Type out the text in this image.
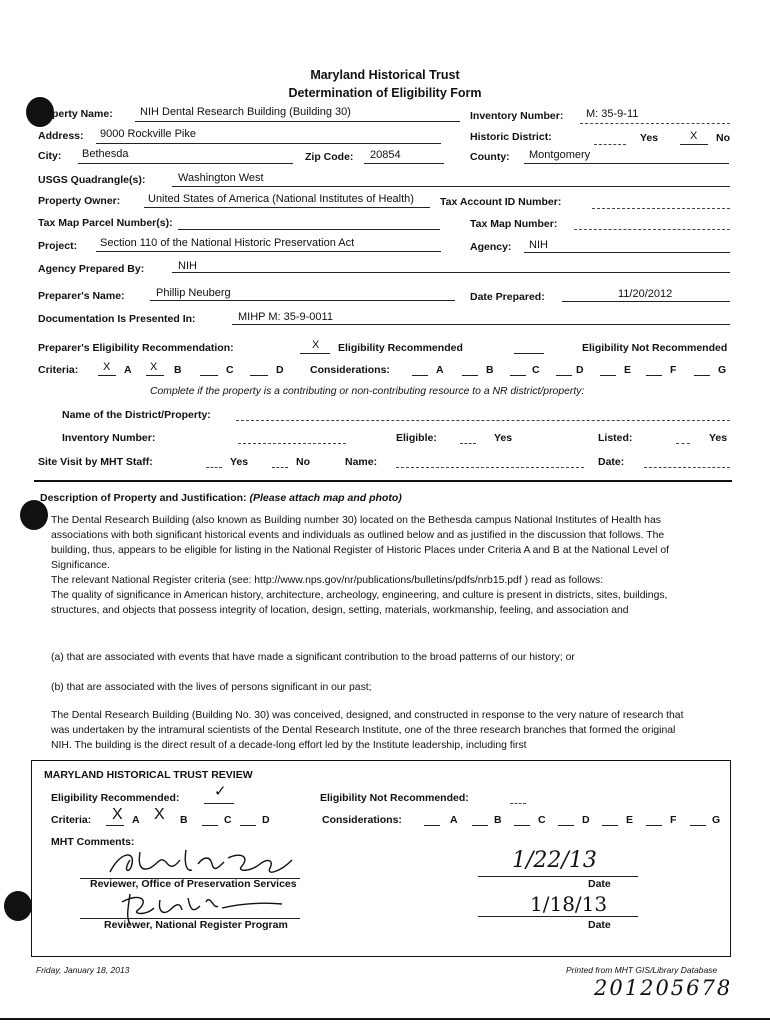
Maryland Historical Trust
Determination of Eligibility Form
perty Name: NIH Dental Research Building (Building 30)	Inventory Number: M: 35-9-11
Address: 9000 Rockville Pike	Historic District:	Yes	X No
City: Bethesda	Zip Code: 20854	County: Montgomery
USGS Quadrangle(s):	Washington West
Property Owner:	United States of America (National Institutes of Health) Tax Account ID Number:
Tax Map Parcel Number(s):	Tax Map Number:
Project: Section 110 of the National Historic Preservation Act	Agency: NIH
Agency Prepared By:	NIH
Preparer's Name:	Phillip Neuberg	Date Prepared:	11/20/2012
Documentation Is Presented In:	MIHP M: 35-9-0011
Preparer's Eligibility Recommendation:	X Eligibility Recommended	Eligibility Not Recommended
Criteria: X A X B	C	D	Considerations:	A	B	C	D	E	F	G
Complete if the property is a contributing or non-contributing resource to a NR district/property:
Name of the District/Property:
Inventory Number:	Eligible:	Yes	Listed:	Yes
Site Visit by MHT Staff:	Yes	No	Name:	Date:
Description of Property and Justification: (Please attach map and photo)
The Dental Research Building (also known as Building number 30) located on the Bethesda campus National Institutes of Health has associations with both significant historical events and individuals as outlined below and as justified in the discussion that follows. The building, thus, appears to be eligible for listing in the National Register of Historic Places under Criteria A and B at the National Level of Significance.
The relevant National Register criteria (see: http://www.nps.gov/nr/publications/bulletins/pdfs/nrb15.pdf ) read as follows:
The quality of significance in American history, architecture, archeology, engineering, and culture is present in districts, sites, buildings, structures, and objects that possess integrity of location, design, setting, materials, workmanship, feeling, and association and
(a) that are associated with events that have made a significant contribution to the broad patterns of our history; or
(b) that are associated with the lives of persons significant in our past;
The Dental Research Building (Building No. 30) was conceived, designed, and constructed in response to the very nature of research that was undertaken by the intramural scientists of the Dental Research Institute, one of the three research branches that formed the original NIH. The building is the direct result of a decade-long effort led by the Institute leadership, including first
MARYLAND HISTORICAL TRUST REVIEW
Eligibility Recommended: ✓	Eligibility Not Recommended:
Criteria: X A X B	C	D	Considerations:	A	B	C	D	E	F	G
MHT Comments:
Reviewer, Office of Preservation Services
1/22/13
Date
Reviewer, National Register Program
1/18/13
Date
Friday, January 18, 2013	Printed from MHT GIS/Library Database
201205678
